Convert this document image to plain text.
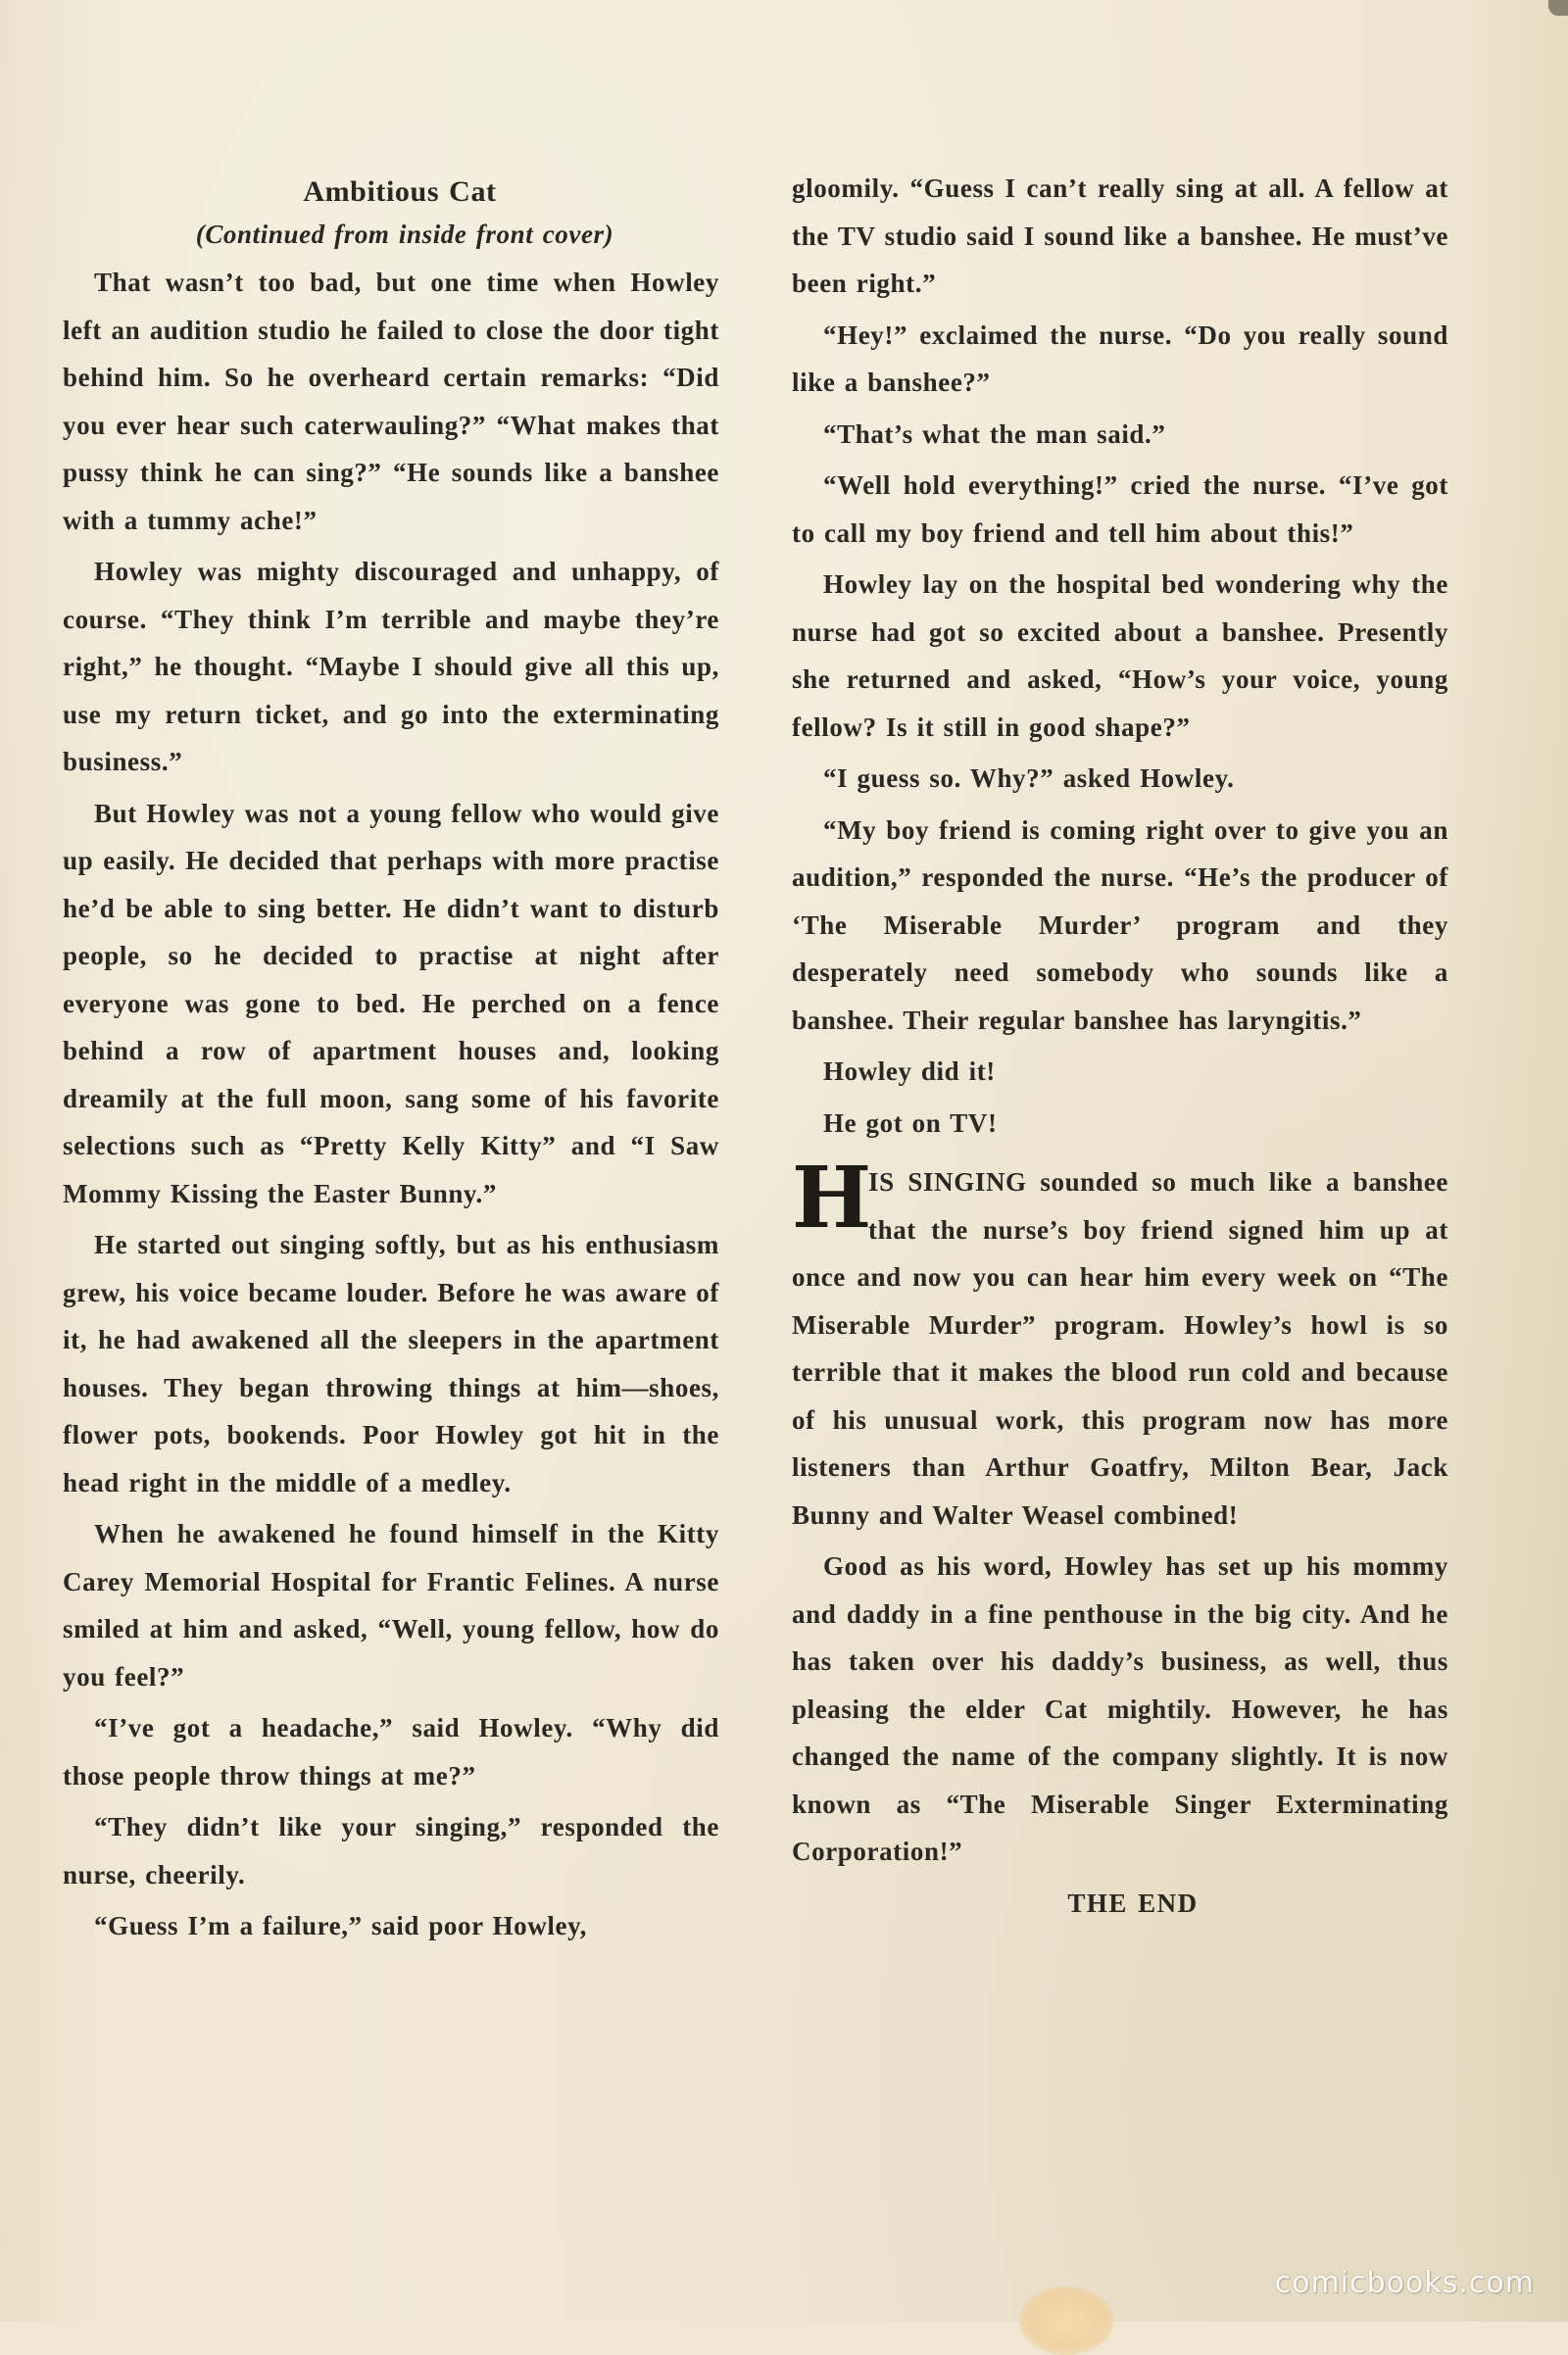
Ambitious Cat
(Continued from inside front cover)

That wasn’t too bad, but one time when Howley left an audition studio he failed to close the door tight behind him. So he overheard certain remarks: “Did you ever hear such caterwauling?” “What makes that pussy think he can sing?” “He sounds like a banshee with a tummy ache!”

Howley was mighty discouraged and unhappy, of course. “They think I’m terrible and maybe they’re right,” he thought. “Maybe I should give all this up, use my return ticket, and go into the exterminating business.”

But Howley was not a young fellow who would give up easily. He decided that perhaps with more practise he’d be able to sing better. He didn’t want to disturb people, so he decided to practise at night after everyone was gone to bed. He perched on a fence behind a row of apartment houses and, looking dreamily at the full moon, sang some of his favorite selections such as “Pretty Kelly Kitty” and “I Saw Mommy Kissing the Easter Bunny.”

He started out singing softly, but as his enthusiasm grew, his voice became louder. Before he was aware of it, he had awakened all the sleepers in the apartment houses. They began throwing things at him—shoes, flower pots, bookends. Poor Howley got hit in the head right in the middle of a medley.

When he awakened he found himself in the Kitty Carey Memorial Hospital for Frantic Felines. A nurse smiled at him and asked, “Well, young fellow, how do you feel?”

“I’ve got a headache,” said Howley. “Why did those people throw things at me?”

“They didn’t like your singing,” responded the nurse, cheerily.

“Guess I’m a failure,” said poor Howley,

gloomily. “Guess I can’t really sing at all. A fellow at the TV studio said I sound like a banshee. He must’ve been right.”

“Hey!” exclaimed the nurse. “Do you really sound like a banshee?”

“That’s what the man said.”

“Well hold everything!” cried the nurse. “I’ve got to call my boy friend and tell him about this!”

Howley lay on the hospital bed wondering why the nurse had got so excited about a banshee. Presently she returned and asked, “How’s your voice, young fellow? Is it still in good shape?”

“I guess so. Why?” asked Howley.

“My boy friend is coming right over to give you an audition,” responded the nurse. “He’s the producer of ‘The Miserable Murder’ program and they desperately need somebody who sounds like a banshee. Their regular banshee has laryngitis.”

Howley did it!

He got on TV!

H
IS SINGING sounded so much like a banshee that the nurse’s boy friend signed him up at once and now you can hear him every week on “The Miserable Murder” program. Howley’s howl is so terrible that it makes the blood run cold and because of his unusual work, this program now has more listeners than Arthur Goatfry, Milton Bear, Jack Bunny and Walter Weasel combined!

Good as his word, Howley has set up his mommy and daddy in a fine penthouse in the big city. And he has taken over his daddy’s business, as well, thus pleasing the elder Cat mightily. However, he has changed the name of the company slightly. It is now known as “The Miserable Singer Exterminating Corporation!”

THE END
comicbooks.com
